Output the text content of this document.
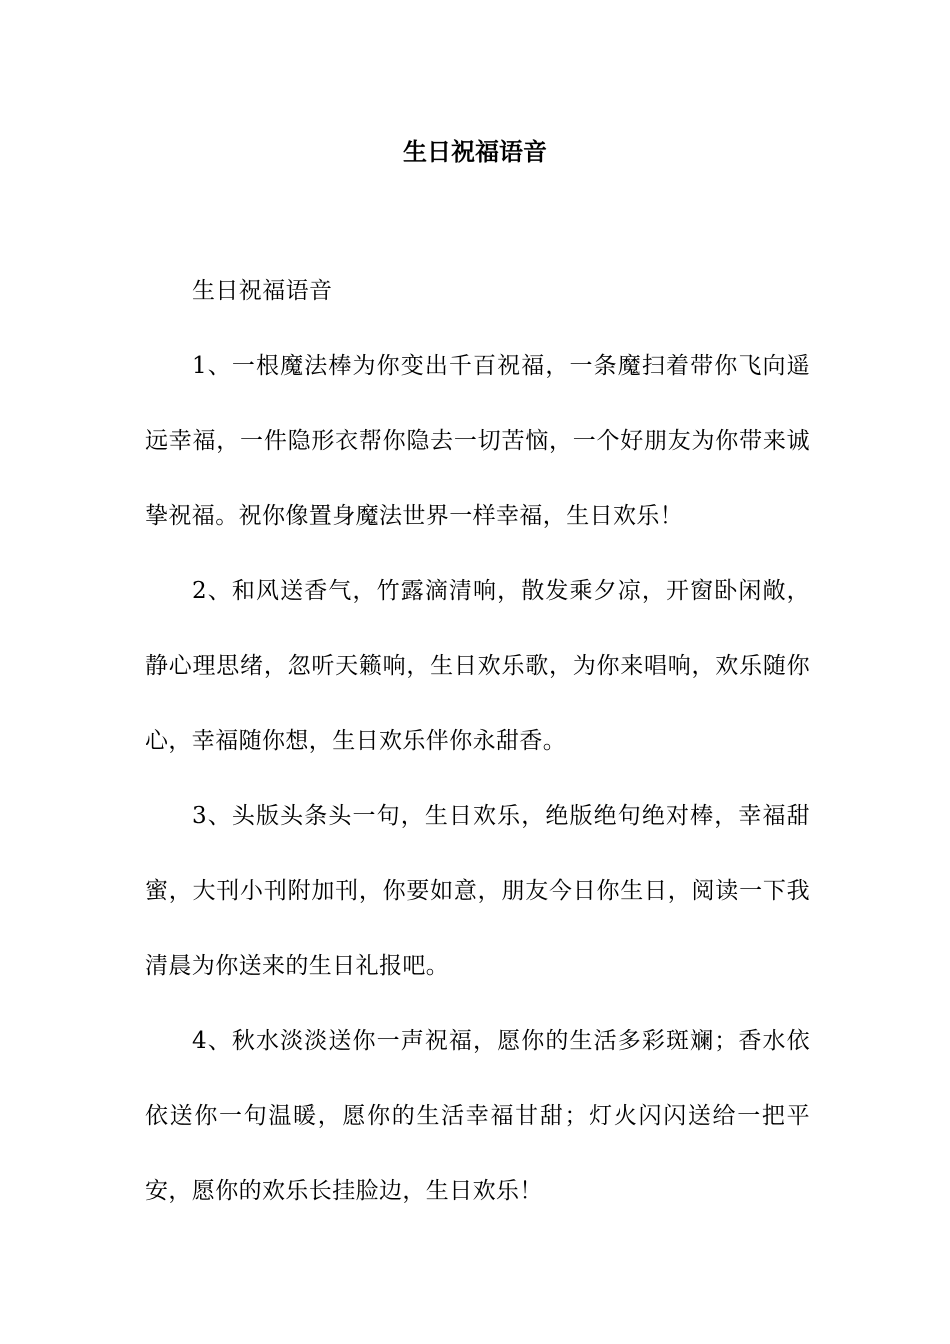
生日祝福语音

生日祝福语音

1、一根魔法棒为你变出千百祝福，一条魔扫着带你飞向遥远幸福，一件隐形衣帮你隐去一切苦恼，一个好朋友为你带来诚挚祝福。祝你像置身魔法世界一样幸福，生日欢乐！

2、和风送香气，竹露滴清响，散发乘夕凉，开窗卧闲敞，静心理思绪，忽听天籁响，生日欢乐歌，为你来唱响，欢乐随你心，幸福随你想，生日欢乐伴你永甜香。

3、头版头条头一句，生日欢乐，绝版绝句绝对棒，幸福甜蜜，大刊小刊附加刊，你要如意，朋友今日你生日，阅读一下我清晨为你送来的生日礼报吧。

4、秋水淡淡送你一声祝福，愿你的生活多彩斑斓；香水依依送你一句温暖，愿你的生活幸福甘甜；灯火闪闪送给一把平安，愿你的欢乐长挂脸边，生日欢乐！
